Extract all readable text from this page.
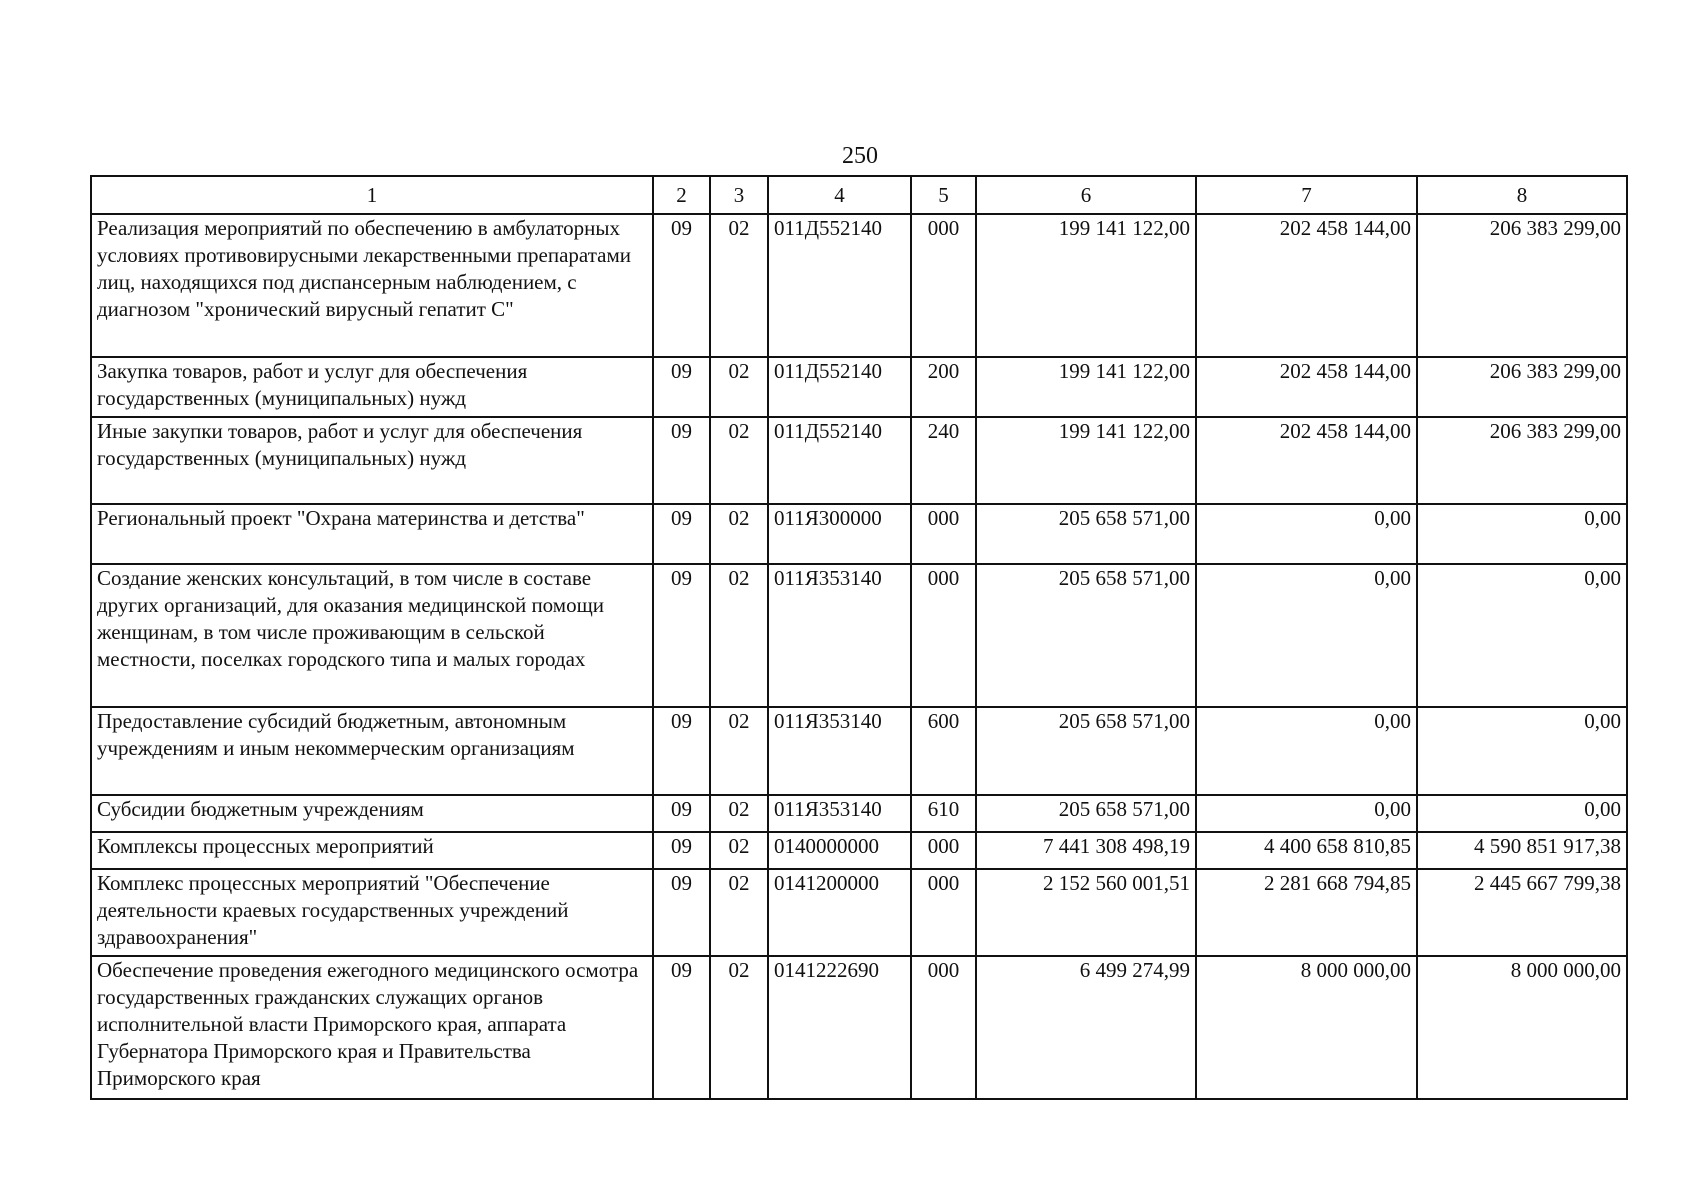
250
1	2	3	4	5	6	7	8
Реализация мероприятий по обеспечению в амбулаторных условиях противовирусными лекарственными препаратами лиц, находящихся под диспансерным наблюдением, с диагнозом "хронический вирусный гепатит С"	09	02	011Д552140	000	199 141 122,00	202 458 144,00	206 383 299,00
Закупка товаров, работ и услуг для обеспечения государственных (муниципальных) нужд	09	02	011Д552140	200	199 141 122,00	202 458 144,00	206 383 299,00
Иные закупки товаров, работ и услуг для обеспечения государственных (муниципальных) нужд	09	02	011Д552140	240	199 141 122,00	202 458 144,00	206 383 299,00
Региональный проект "Охрана материнства и детства"	09	02	011Я300000	000	205 658 571,00	0,00	0,00
Создание женских консультаций, в том числе в составе других организаций, для оказания медицинской помощи женщинам, в том числе проживающим в сельской местности, поселках городского типа и малых городах	09	02	011Я353140	000	205 658 571,00	0,00	0,00
Предоставление субсидий бюджетным, автономным учреждениям и иным некоммерческим организациям	09	02	011Я353140	600	205 658 571,00	0,00	0,00
Субсидии бюджетным учреждениям	09	02	011Я353140	610	205 658 571,00	0,00	0,00
Комплексы процессных мероприятий	09	02	0140000000	000	7 441 308 498,19	4 400 658 810,85	4 590 851 917,38
Комплекс процессных мероприятий "Обеспечение деятельности краевых государственных учреждений здравоохранения"	09	02	0141200000	000	2 152 560 001,51	2 281 668 794,85	2 445 667 799,38
Обеспечение проведения ежегодного медицинского осмотра государственных гражданских служащих органов исполнительной власти Приморского края, аппарата Губернатора Приморского края и Правительства Приморского края	09	02	0141222690	000	6 499 274,99	8 000 000,00	8 000 000,00
